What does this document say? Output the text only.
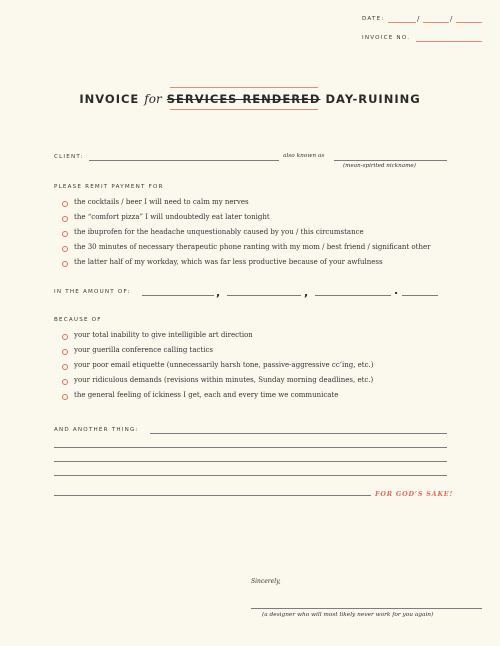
DATE:	/	/
INVOICE NO.
INVOICE for SERVICES RENDERED DAY-RUINING
CLIENT:	also known as
(mean-spirited nickname)
PLEASE REMIT PAYMENT FOR
the cocktails / beer I will need to calm my nerves
the “comfort pizza” I will undoubtedly eat later tonight
the ibuprofen for the headache unquestionably caused by you / this circumstance
the 30 minutes of necessary therapeutic phone ranting with my mom / best friend / significant other
the latter half of my workday, which was far less productive because of your awfulness
IN THE AMOUNT OF:	,	,	.
BECAUSE OF
your total inability to give intelligible art direction
your guerilla conference calling tactics
your poor email etiquette (unnecessarily harsh tone, passive-aggressive cc’ing, etc.)
your ridiculous demands (revisions within minutes, Sunday morning deadlines, etc.)
the general feeling of ickiness I get, each and every time we communicate
AND ANOTHER THING:
FOR GOD’S SAKE!
Sincerely,
(a designer who will most likely never work for you again)
